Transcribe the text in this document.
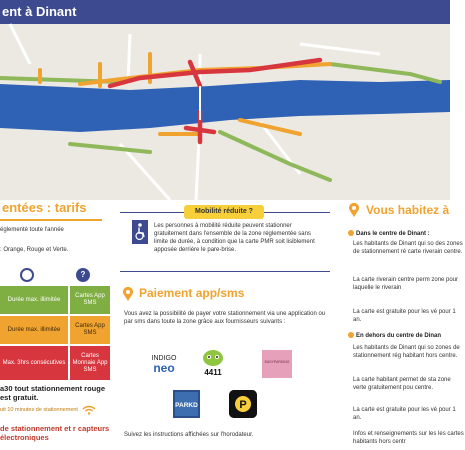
ent à Dinant
entées : tarifs
églementé toute l'année
: Orange, Rouge et Verte.
?
Durée max. illimitée
Cartes App SMS
Durée max. illimitée
Cartes App SMS
Max. 3hrs consécutives
Cartes Monnaie App SMS
a30 tout stationnement rouge est gratuit.
uit 10 minutes de stationnement
de stationnement et r capteurs électroniques
Mobilité réduite ?
Les personnes à mobilité réduite peuvent stationner gratuitement dans l'ensemble de la zone réglementée sans limite de durée, à condition que la carte PMR soit lisiblement apposée derrière le pare-brise.
Paiement app/sms
Vous avez la possibilité de payer votre stationnement via une application ou par sms dans toute la zone grâce aux fournisseurs suivants :
INDIGO
neo	4411
EASYPARKING
PARKD	P
Suivez les instructions affichées sur l'horodateur.
Vous habitez à
Dans le centre de Dinant :
Les habitants de Dinant qui so des zones de stationnement ré carte riverain centre.
La carte riverain centre perm zone pour laquelle le riverain
La carte est gratuite pour les vé pour 1 an.
En dehors du centre de Dinan
Les habitants de Dinant qui so zones de stationnement rég habitant hors centre.
La carte habitant permet de sta zone verte gratuitement pou centre.
La carte est gratuite pour les vé pour 1 an.
Infos et renseignements sur les les cartes habitants hors centr
